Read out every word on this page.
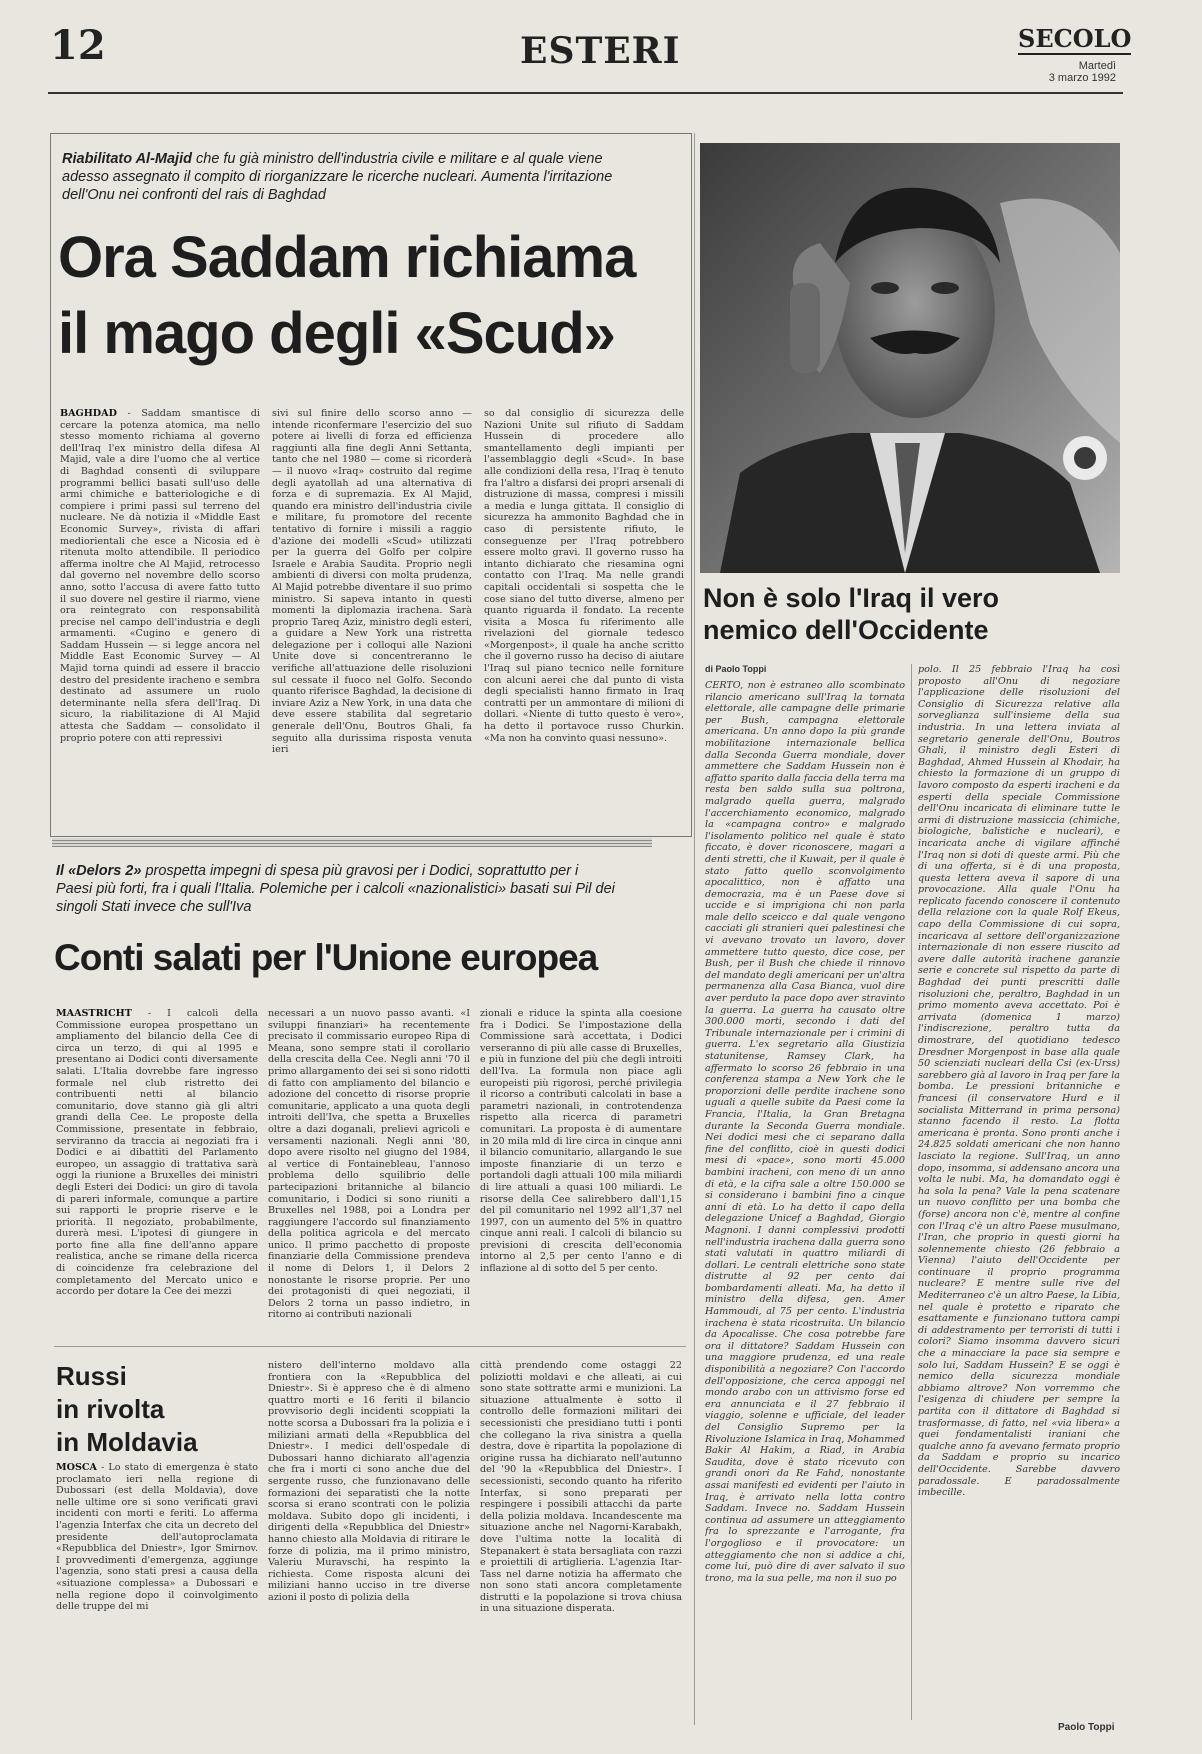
12	ESTERI	SECOLO
Martedì
3 marzo 1992
Riabilitato Al-Majid che fu già ministro dell'industria civile e militare e al quale viene adesso assegnato il compito di riorganizzare le ricerche nucleari. Aumenta l'irritazione dell'Onu nei confronti del rais di Baghdad
Ora Saddam richiama
il mago degli «Scud»
BAGHDAD - Saddam smantisce di cercare la potenza atomica, ma nello stesso momento richiama al governo dell'Iraq l'ex ministro della difesa Al Majid, vale a dire l'uomo che al vertice di Baghdad consentì di sviluppare programmi bellici basati sull'uso delle armi chimiche e batteriologiche e di compiere i primi passi sul terreno del nucleare. Ne dà notizia il «Middle East Economic Survey», rivista di affari mediorientali che esce a Nicosia ed è ritenuta molto attendibile. Il periodico afferma inoltre che Al Majid, retrocesso dal governo nel novembre dello scorso anno, sotto l'accusa di avere fatto tutto il suo dovere nel gestire il riarmo, viene ora reintegrato con responsabilità precise nel campo dell'industria e degli armamenti. «Cugino e genero di Saddam Hussein — si legge ancora nel Middle East Economic Survey — Al Majid torna quindi ad essere il braccio destro del presidente iracheno e sembra destinato ad assumere un ruolo determinante nella sfera dell'Iraq. Di sicuro, la riabilitazione di Al Majid attesta che Saddam — consolidato il proprio potere con atti repressivi
sivi sul finire dello scorso anno — intende riconfermare l'esercizio del suo potere ai livelli di forza ed efficienza raggiunti alla fine degli Anni Settanta, tanto che nel 1980 — come si ricorderà — il nuovo «Iraq» costruito dal regime degli ayatollah ad una alternativa di forza e di supremazia. Ex Al Majid, quando era ministro dell'industria civile e militare, fu promotore del recente tentativo di fornire i missili a raggio d'azione dei modelli «Scud» utilizzati per la guerra del Golfo per colpire Israele e Arabia Saudita. Proprio negli ambienti di diversi con molta prudenza, Al Majid potrebbe diventare il suo primo ministro. Si sapeva intanto in questi momenti la diplomazia irachena. Sarà proprio Tareq Aziz, ministro degli esteri, a guidare a New York una ristretta delegazione per i colloqui alle Nazioni Unite dove si concentreranno le verifiche all'attuazione delle risoluzioni sul cessate il fuoco nel Golfo. Secondo quanto riferisce Baghdad, la decisione di inviare Aziz a New York, in una data che deve essere stabilita dal segretario generale dell'Onu, Boutros Ghali, fa seguito alla durissima risposta venuta ieri
so dal consiglio di sicurezza delle Nazioni Unite sul rifiuto di Saddam Hussein di procedere allo smantellamento degli impianti per l'assemblaggio degli «Scud». In base alle condizioni della resa, l'Iraq è tenuto fra l'altro a disfarsi dei propri arsenali di distruzione di massa, compresi i missili a media e lunga gittata. Il consiglio di sicurezza ha ammonito Baghdad che in caso di persistente rifiuto, le conseguenze per l'Iraq potrebbero essere molto gravi. Il governo russo ha intanto dichiarato che riesamina ogni contatto con l'Iraq. Ma nelle grandi capitali occidentali si sospetta che le cose siano del tutto diverse, almeno per quanto riguarda il fondato. La recente visita a Mosca fu riferimento alle rivelazioni del giornale tedesco «Morgenpost», il quale ha anche scritto che il governo russo ha deciso di aiutare l'Iraq sul piano tecnico nelle forniture con alcuni aerei che dal punto di vista degli specialisti hanno firmato in Iraq contratti per un ammontare di milioni di dollari. «Niente di tutto questo è vero», ha detto il portavoce russo Churkin. «Ma non ha convinto quasi nessuno».
Non è solo l'Iraq il vero
nemico dell'Occidente
di Paolo Toppi
CERTO, non è estraneo allo scombinato rilancio americano sull'Iraq la tornata elettorale, alle campagne delle primarie per Bush, campagna elettorale americana. Un anno dopo la più grande mobilitazione internazionale bellica dalla Seconda Guerra mondiale, dover ammettere che Saddam Hussein non è affatto sparito dalla faccia della terra ma resta ben saldo sulla sua poltrona, malgrado quella guerra, malgrado l'accerchiamento economico, malgrado la «campagna contro» e malgrado l'isolamento politico nel quale è stato ficcato, è dover riconoscere, magari a denti stretti, che il Kuwait, per il quale è stato fatto quello sconvolgimento apocalittico, non è affatto una democrazia, ma è un Paese dove si uccide e si imprigiona chi non parla male dello sceicco e dal quale vengono cacciati gli stranieri quei palestinesi che vi avevano trovato un lavoro, dover ammettere tutto questo, dice cose, per Bush, per il Bush che chiede il rinnovo del mandato degli americani per un'altra permanenza alla Casa Bianca, vuol dire aver perduto la pace dopo aver stravinto la guerra. La guerra ha causato oltre 300.000 morti, secondo i dati del Tribunale internazionale per i crimini di guerra. L'ex segretario alla Giustizia statunitense, Ramsey Clark, ha affermato lo scorso 26 febbraio in una conferenza stampa a New York che le proporzioni delle perdite irachene sono uguali a quelle subite da Paesi come la Francia, l'Italia, la Gran Bretagna durante la Seconda Guerra mondiale. Nei dodici mesi che ci separano dalla fine del conflitto, cioè in questi dodici mesi di «pace», sono morti 45.000 bambini iracheni, con meno di un anno di età, e la cifra sale a oltre 150.000 se si considerano i bambini fino a cinque anni di età. Lo ha detto il capo della delegazione Unicef a Baghdad, Giorgio Magnoni. I danni complessivi prodotti nell'industria irachena dalla guerra sono stati valutati in quattro miliardi di dollari. Le centrali elettriche sono state distrutte al 92 per cento dai bombardamenti alleati. Ma, ha detto il ministro della difesa, gen. Amer Hammoudi, al 75 per cento. L'industria irachena è stata ricostruita. Un bilancio da Apocalisse. Che cosa potrebbe fare ora il dittatore? Saddam Hussein con una maggiore prudenza, ed una reale disponibilità a negoziare? Con l'accordo dell'opposizione, che cerca appoggi nel mondo arabo con un attivismo forse ed era annunciata e il 27 febbraio il viaggio, solenne e ufficiale, del leader del Consiglio Supremo per la Rivoluzione Islamica in Iraq, Mohammed Bakir Al Hakim, a Riad, in Arabia Saudita, dove è stato ricevuto con grandi onori da Re Fahd, nonostante assai manifesti ed evidenti per l'aiuto in Iraq, è arrivato nella lotta contro Saddam. Invece no. Saddam Hussein continua ad assumere un atteggiamento fra lo sprezzante e l'arrogante, fra l'orgoglioso e il provocatore: un atteggiamento che non si addice a chi, come lui, può dire di aver salvato il suo trono, ma la sua pelle, ma non il suo po
polo. Il 25 febbraio l'Iraq ha così proposto all'Onu di negoziare l'applicazione delle risoluzioni del Consiglio di Sicurezza relative alla sorveglianza sull'insieme della sua industria. In una lettera inviata al segretario generale dell'Onu, Boutros Ghali, il ministro degli Esteri di Baghdad, Ahmed Hussein al Khodair, ha chiesto la formazione di un gruppo di lavoro composto da esperti iracheni e da esperti della speciale Commissione dell'Onu incaricata di eliminare tutte le armi di distruzione massiccia (chimiche, biologiche, balistiche e nucleari), e incaricata anche di vigilare affinché l'Iraq non si doti di queste armi. Più che di una offerta, si è di una proposta, questa lettera aveva il sapore di una provocazione. Alla quale l'Onu ha replicato facendo conoscere il contenuto della relazione con la quale Rolf Ekeus, capo della Commissione di cui sopra, incaricava al settore dell'organizzazione internazionale di non essere riuscito ad avere dalle autorità irachene garanzie serie e concrete sul rispetto da parte di Baghdad dei punti prescritti dalle risoluzioni che, peraltro, Baghdad in un primo momento aveva accettato. Poi è arrivata (domenica 1 marzo) l'indiscrezione, peraltro tutta da dimostrare, del quotidiano tedesco Dresdner Morgenpost in base alla quale 50 scienziati nucleari della Csi (ex-Urss) sarebbero già al lavoro in Iraq per fare la bomba. Le pressioni britanniche e francesi (il conservatore Hurd e il socialista Mitterrand in prima persona) stanno facendo il resto. La flotta americana è pronta. Sono pronti anche i 24.825 soldati americani che non hanno lasciato la regione. Sull'Iraq, un anno dopo, insomma, si addensano ancora una volta le nubi. Ma, ha domandato oggi è ha sola la pena? Vale la pena scatenare un nuovo conflitto per una bomba che (forse) ancora non c'è, mentre al confine con l'Iraq c'è un altro Paese musulmano, l'Iran, che proprio in questi giorni ha solennemente chiesto (26 febbraio a Vienna) l'aiuto dell'Occidente per continuare il proprio programma nucleare? E mentre sulle rive del Mediterraneo c'è un altro Paese, la Libia, nel quale è protetto e riparato che esattamente e funzionano tuttora campi di addestramento per terroristi di tutti i colori? Siamo insomma davvero sicuri che a minacciare la pace sia sempre e solo lui, Saddam Hussein? E se oggi è nemico della sicurezza mondiale abbiamo altrove? Non vorremmo che l'esigenza di chiudere per sempre la partita con il dittatore di Baghdad si trasformasse, di fatto, nel «via libera» a quei fondamentalisti iraniani che qualche anno fa avevano fermato proprio da Saddam e proprio su incarico dell'Occidente. Sarebbe davvero paradossale. E paradossalmente imbecille.
Il «Delors 2» prospetta impegni di spesa più gravosi per i Dodici, soprattutto per i Paesi più forti, fra i quali l'Italia. Polemiche per i calcoli «nazionalistici» basati sui Pil dei singoli Stati invece che sull'Iva
Conti salati per l'Unione europea
MAASTRICHT - I calcoli della Commissione europea prospettano un ampliamento del bilancio della Cee di circa un terzo, di qui al 1995 e presentano ai Dodici conti diversamente salati. L'Italia dovrebbe fare ingresso formale nel club ristretto dei contribuenti netti al bilancio comunitario, dove stanno già gli altri grandi della Cee. Le proposte della Commissione, presentate in febbraio, serviranno da traccia ai negoziati fra i Dodici e ai dibattiti del Parlamento europeo, un assaggio di trattativa sarà oggi la riunione a Bruxelles dei ministri degli Esteri dei Dodici: un giro di tavola di pareri informale, comunque a partire sui rapporti le proprie riserve e le priorità. Il negoziato, probabilmente, durerà mesi. L'ipotesi di giungere in porto fine alla fine dell'anno appare realistica, anche se rimane della ricerca di coincidenze fra celebrazione del completamento del Mercato unico e accordo per dotare la Cee dei mezzi
necessari a un nuovo passo avanti. «I sviluppi finanziari» ha recentemente precisato il commissario europeo Ripa di Meana, sono sempre stati il corollario della crescita della Cee. Negli anni '70 il primo allargamento dei sei si sono ridotti di fatto con ampliamento del bilancio e adozione del concetto di risorse proprie comunitarie, applicato a una quota degli introiti dell'Iva, che spetta a Bruxelles oltre a dazi doganali, prelievi agricoli e versamenti nazionali. Negli anni '80, dopo avere risolto nel giugno del 1984, al vertice di Fontainebleau, l'annoso problema dello squilibrio delle partecipazioni britanniche al bilancio comunitario, i Dodici si sono riuniti a Bruxelles nel 1988, poi a Londra per raggiungere l'accordo sul finanziamento della politica agricola e del mercato unico. Il primo pacchetto di proposte finanziarie della Commissione prendeva il nome di Delors 1, il Delors 2 nonostante le risorse proprie. Per uno dei protagonisti di quei negoziati, il Delors 2 torna un passo indietro, in ritorno ai contributi nazionali
zionali e riduce la spinta alla coesione fra i Dodici. Se l'impostazione della Commissione sarà accettata, i Dodici verseranno di più alle casse di Bruxelles, e più in funzione del più che degli introiti dell'Iva. La formula non piace agli europeisti più rigorosi, perché privilegia il ricorso a contributi calcolati in base a parametri nazionali, in controtendenza rispetto alla ricerca di parametri comunitari. La proposta è di aumentare in 20 mila mld di lire circa in cinque anni il bilancio comunitario, allargando le sue imposte finanziarie di un terzo e portandoli dagli attuali 100 mila miliardi di lire attuali a quasi 100 miliardi. Le risorse della Cee salirebbero dall'1,15 del pil comunitario nel 1992 all'1,37 nel 1997, con un aumento del 5% in quattro cinque anni reali. I calcoli di bilancio su previsioni di crescita dell'economia intorno al 2,5 per cento l'anno e di inflazione al di sotto del 5 per cento.
Russi
in rivolta
in Moldavia
MOSCA - Lo stato di emergenza è stato proclamato ieri nella regione di Dubossari (est della Moldavia), dove nelle ultime ore si sono verificati gravi incidenti con morti e feriti. Lo afferma l'agenzia Interfax che cita un decreto del presidente dell'autoproclamata «Repubblica del Dniestr», Igor Smirnov. I provvedimenti d'emergenza, aggiunge l'agenzia, sono stati presi a causa della «situazione complessa» a Dubossari e nella regione dopo il coinvolgimento delle truppe del mi
nistero dell'interno moldavo alla frontiera con la «Repubblica del Dniestr». Si è appreso che è di almeno quattro morti e 16 feriti il bilancio provvisorio degli incidenti scoppiati la notte scorsa a Dubossari fra la polizia e i miliziani armati della «Repubblica del Dniestr». I medici dell'ospedale di Dubossari hanno dichiarato all'agenzia che fra i morti ci sono anche due del sergente russo, che funzionavano delle formazioni dei separatisti che la notte scorsa si erano scontrati con le polizia moldava. Subito dopo gli incidenti, i dirigenti della «Repubblica del Dniestr» hanno chiesto alla Moldavia di ritirare le forze di polizia, ma il primo ministro, Valeriu Muravschi, ha respinto la richiesta. Come risposta alcuni dei miliziani hanno ucciso in tre diverse azioni il posto di polizia della
città prendendo come ostaggi 22 poliziotti moldavi e che alleati, ai cui sono state sottratte armi e munizioni. La situazione attualmente è sotto il controllo delle formazioni militari dei secessionisti che presidiano tutti i ponti che collegano la riva sinistra a quella destra, dove è ripartita la popolazione di origine russa ha dichiarato nell'autunno del '90 la «Repubblica del Dniestr». I secessionisti, secondo quanto ha riferito Interfax, si sono preparati per respingere i possibili attacchi da parte della polizia moldava. Incandescente ma situazione anche nel Nagorni-Karabakh, dove l'ultima notte la località di Stepanakert è stata bersagliata con razzi e proiettili di artiglieria. L'agenzia Itar-Tass nel darne notizia ha affermato che non sono stati ancora completamente distrutti e la popolazione si trova chiusa in una situazione disperata.
Paolo Toppi
